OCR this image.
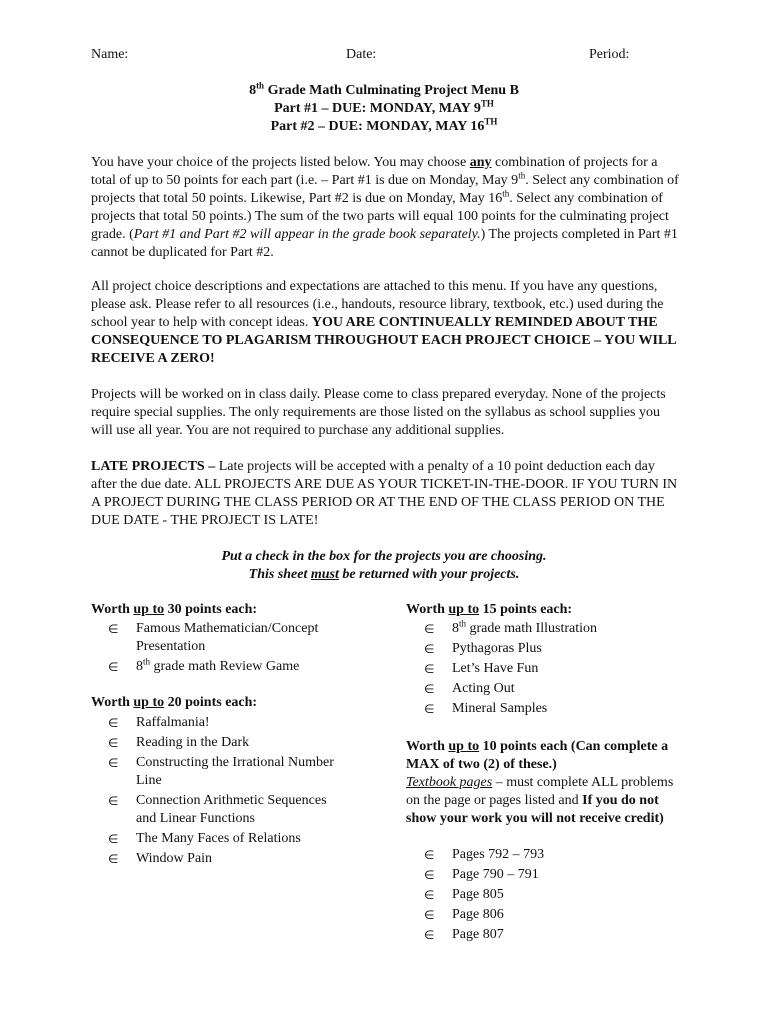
Name:	Date:	Period:
8th Grade Math Culminating Project Menu B
Part #1 – DUE: MONDAY, MAY 9TH
Part #2 – DUE: MONDAY, MAY 16TH
You have your choice of the projects listed below. You may choose any combination of projects for a total of up to 50 points for each part (i.e. – Part #1 is due on Monday, May 9th. Select any combination of projects that total 50 points. Likewise, Part #2 is due on Monday, May 16th. Select any combination of projects that total 50 points.) The sum of the two parts will equal 100 points for the culminating project grade. (Part #1 and Part #2 will appear in the grade book separately.) The projects completed in Part #1 cannot be duplicated for Part #2.
All project choice descriptions and expectations are attached to this menu. If you have any questions, please ask. Please refer to all resources (i.e., handouts, resource library, textbook, etc.) used during the school year to help with concept ideas. YOU ARE CONTINUEALLY REMINDED ABOUT THE CONSEQUENCE TO PLAGARISM THROUGHOUT EACH PROJECT CHOICE – YOU WILL RECEIVE A ZERO!
Projects will be worked on in class daily. Please come to class prepared everyday. None of the projects require special supplies. The only requirements are those listed on the syllabus as school supplies you will use all year. You are not required to purchase any additional supplies.
LATE PROJECTS – Late projects will be accepted with a penalty of a 10 point deduction each day after the due date. ALL PROJECTS ARE DUE AS YOUR TICKET-IN-THE-DOOR. IF YOU TURN IN A PROJECT DURING THE CLASS PERIOD OR AT THE END OF THE CLASS PERIOD ON THE DUE DATE - THE PROJECT IS LATE!
Put a check in the box for the projects you are choosing.
This sheet must be returned with your projects.
Worth up to 30 points each:
∈ Famous Mathematician/Concept Presentation
∈ 8th grade math Review Game
Worth up to 20 points each:
∈ Raffalmania!
∈ Reading in the Dark
∈ Constructing the Irrational Number Line
∈ Connection Arithmetic Sequences and Linear Functions
∈ The Many Faces of Relations
∈ Window Pain
Worth up to 15 points each:
∈ 8th grade math Illustration
∈ Pythagoras Plus
∈ Let’s Have Fun
∈ Acting Out
∈ Mineral Samples
Worth up to 10 points each (Can complete a MAX of two (2) of these.)
Textbook pages – must complete ALL problems on the page or pages listed and If you do not show your work you will not receive credit)
∈ Pages 792 – 793
∈ Page 790 – 791
∈ Page 805
∈ Page 806
∈ Page 807
